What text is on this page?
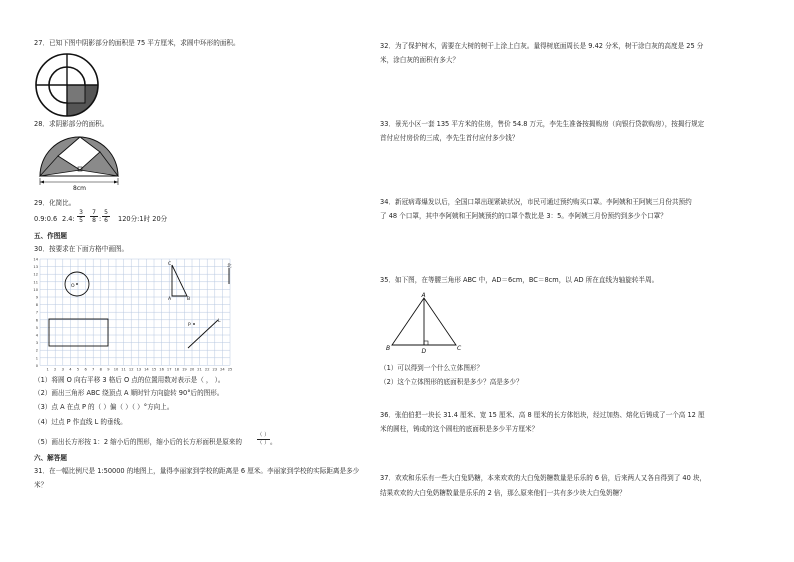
27．已知下图中阴影部分的面积是 75 平方厘米，求圆中环形的面积。
28．求阴影部分的面积。
8cm
29．化简比。
0.9:0.6 2.4:
3
5
7
8 :
5
6	120分:1时 20分
五、作图题
30．按要求在下面方格中画图。
14
13
12
11
10
9
8
7
6
5
4
3
2
1
0
1 2 3 4 5 6 7 8 9 10 11 12 13 14 15 16 17 18 19 20 21 22 23 24 25
O
C
A	B
P
L
北
（1）将圆 O 向右平移 3 格后 O 点的位置用数对表示是（ ， ）。
（2）画出三角形 ABC 绕顶点 A 顺时针方向旋转 90°后的图形。
（3）点 A 在点 P 的（ ）偏（ ）（ ）°方向上。
（4）过点 P 作直线 L 的垂线。
（5）画出长方形按 1：2 缩小后的图形，缩小后的长方形面积是原来的
（ ）
（ ） 。
六、解答题
31．在一幅比例尺是 1:50000 的地图上，量得李丽家到学校的距离是 6 厘米。李丽家到学校的实际距离是多少
米？
32．为了保护树木，需要在大树的树干上涂上白灰。量得树底面周长是 9.42 分米，树干涂白灰的高度是 25 分
米，涂白灰的面积有多大？
33．景光小区一套 135 平方米的住房，售价 54.8 万元，李先生准备按揭购房（向银行贷款购房），按揭行规定
首付应付房价的三成，李先生首付应付多少钱？
34．新冠病毒爆发以后，全国口罩出现紧缺状况，市民可通过预约购买口罩。李阿姨和王阿姨三月份共预约
了 48 个口罩，其中李阿姨和王阿姨预约的口罩个数比是 3：5。李阿姨三月份预约到多少个口罩？
35．如下图，在等腰三角形 ABC 中，AD＝6cm，BC＝8cm，以 AD 所在直线为轴旋转半周。
A
B	C
D
（1）可以得到一个什么立体图形？
（2）这个立体图形的底面积是多少？高是多少？
36．张伯伯把一块长 31.4 厘米、宽 15 厘米、高 8 厘米的长方体铝块，经过加热、熔化后铸成了一个高 12 厘
米的圆柱，铸成的这个圆柱的底面积是多少平方厘米？
37．欢欢和乐乐有一些大白兔奶糖，本来欢欢的大白兔奶糖数量是乐乐的 6 倍，后来两人又各自得到了 40 块，
结果欢欢的大白兔奶糖数量是乐乐的 2 倍，那么原来他们一共有多少块大白兔奶糖？
